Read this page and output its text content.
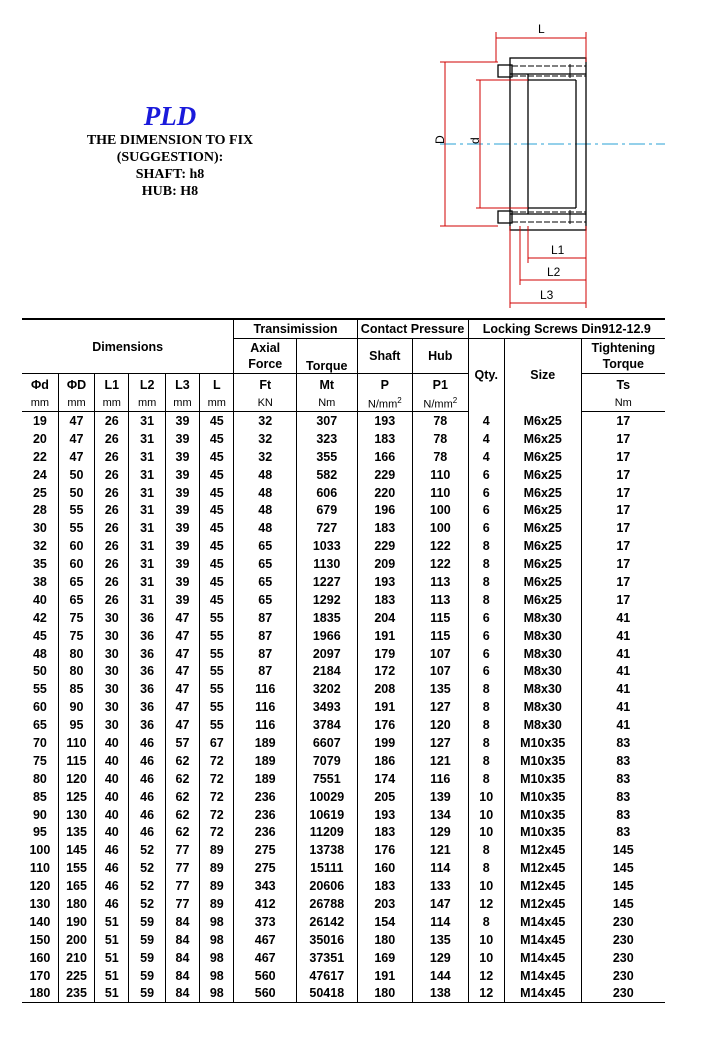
PLD
THE DIMENSION TO FIX
(SUGGESTION):
SHAFT: h8
HUB: H8
L
D d
L1
L2
L3
Dimensions						Transimission		Contact Pressure		Locking Screws Din912-12.9		
						Axial Force	Torque	Shaft	Hub	Qty.	Size	Tightening Torque
Φd	ΦD	L1	L2	L3	L	Ft	Mt	P	P1			Ts
mm	mm	mm	mm	mm	mm	KN	Nm	$N/mm^2$	$N/mm^2$			Nm
19	47	26	31	39	45	32	307	193	78	4	M6x25	17
20	47	26	31	39	45	32	323	183	78	4	M6x25	17
22	47	26	31	39	45	32	355	166	78	4	M6x25	17
24	50	26	31	39	45	48	582	229	110	6	M6x25	17
25	50	26	31	39	45	48	606	220	110	6	M6x25	17
28	55	26	31	39	45	48	679	196	100	6	M6x25	17
30	55	26	31	39	45	48	727	183	100	6	M6x25	17
32	60	26	31	39	45	65	1033	229	122	8	M6x25	17
35	60	26	31	39	45	65	1130	209	122	8	M6x25	17
38	65	26	31	39	45	65	1227	193	113	8	M6x25	17
40	65	26	31	39	45	65	1292	183	113	8	M6x25	17
42	75	30	36	47	55	87	1835	204	115	6	M8x30	41
45	75	30	36	47	55	87	1966	191	115	6	M8x30	41
48	80	30	36	47	55	87	2097	179	107	6	M8x30	41
50	80	30	36	47	55	87	2184	172	107	6	M8x30	41
55	85	30	36	47	55	116	3202	208	135	8	M8x30	41
60	90	30	36	47	55	116	3493	191	127	8	M8x30	41
65	95	30	36	47	55	116	3784	176	120	8	M8x30	41
70	110	40	46	57	67	189	6607	199	127	8	M10x35	83
75	115	40	46	62	72	189	7079	186	121	8	M10x35	83
80	120	40	46	62	72	189	7551	174	116	8	M10x35	83
85	125	40	46	62	72	236	10029	205	139	10	M10x35	83
90	130	40	46	62	72	236	10619	193	134	10	M10x35	83
95	135	40	46	62	72	236	11209	183	129	10	M10x35	83
100	145	46	52	77	89	275	13738	176	121	8	M12x45	145
110	155	46	52	77	89	275	15111	160	114	8	M12x45	145
120	165	46	52	77	89	343	20606	183	133	10	M12x45	145
130	180	46	52	77	89	412	26788	203	147	12	M12x45	145
140	190	51	59	84	98	373	26142	154	114	8	M14x45	230
150	200	51	59	84	98	467	35016	180	135	10	M14x45	230
160	210	51	59	84	98	467	37351	169	129	10	M14x45	230
170	225	51	59	84	98	560	47617	191	144	12	M14x45	230
180	235	51	59	84	98	560	50418	180	138	12	M14x45	230
